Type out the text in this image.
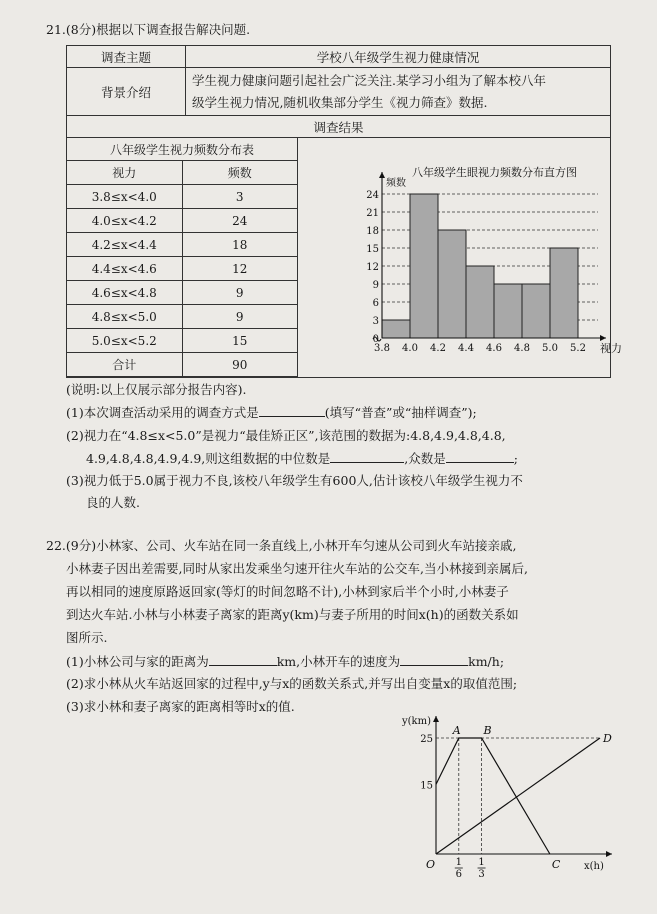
21.(8分)根据以下调查报告解决问题.
调查主题	学校八年级学生视力健康情况
背景介绍	
学生视力健康问题引起社会广泛关注.某学习小组为了解本校八年
级学生视力情况,随机收集部分学生《视力筛查》数据.

调查结果

八年级学生视力频数分布表
视力	频数
3.8≤x<4.0	3
4.0≤x<4.2	24
4.2≤x<4.4	18
4.4≤x<4.6	12
4.6≤x<4.8	9
4.8≤x<5.0	9
5.0≤x<5.2	15
合计	90
八年级学生眼视力频数分布直方图
0
3
6
9
12
15
18
21
24
频数
3.8 4.0 4.2 4.4 4.6 4.8 5.0 5.2 视力
(说明:以上仅展示部分报告内容).
(1)本次调查活动采用的调查方式是	(填写“普查”或“抽样调查”);
(2)视力在“4.8≤x<5.0”是视力“最佳矫正区”,该范围的数据为:4.8,4.9,4.8,4.8,
4.9,4.8,4.8,4.9,4.9,则这组数据的中位数是	,众数是	;
(3)视力低于5.0属于视力不良,该校八年级学生有600人,估计该校八年级学生视力不
良的人数.
22.(9分)小林家、公司、火车站在同一条直线上,小林开车匀速从公司到火车站接亲戚,
小林妻子因出差需要,同时从家出发乘坐匀速开往火车站的公交车,当小林接到亲属后,
再以相同的速度原路返回家(等灯的时间忽略不计),小林到家后半个小时,小林妻子
到达火车站.小林与小林妻子离家的距离y(km)与妻子所用的时间x(h)的函数关系如
图所示.
(1)小林公司与家的距离为	km,小林开车的速度为	km/h;
(2)求小林从火车站返回家的过程中,y与x的函数关系式,并写出自变量x的取值范围;
(3)求小林和妻子离家的距离相等时x的值.
y(km)
x(h)
O
15
25
A B
C
D
1 6
1 3
